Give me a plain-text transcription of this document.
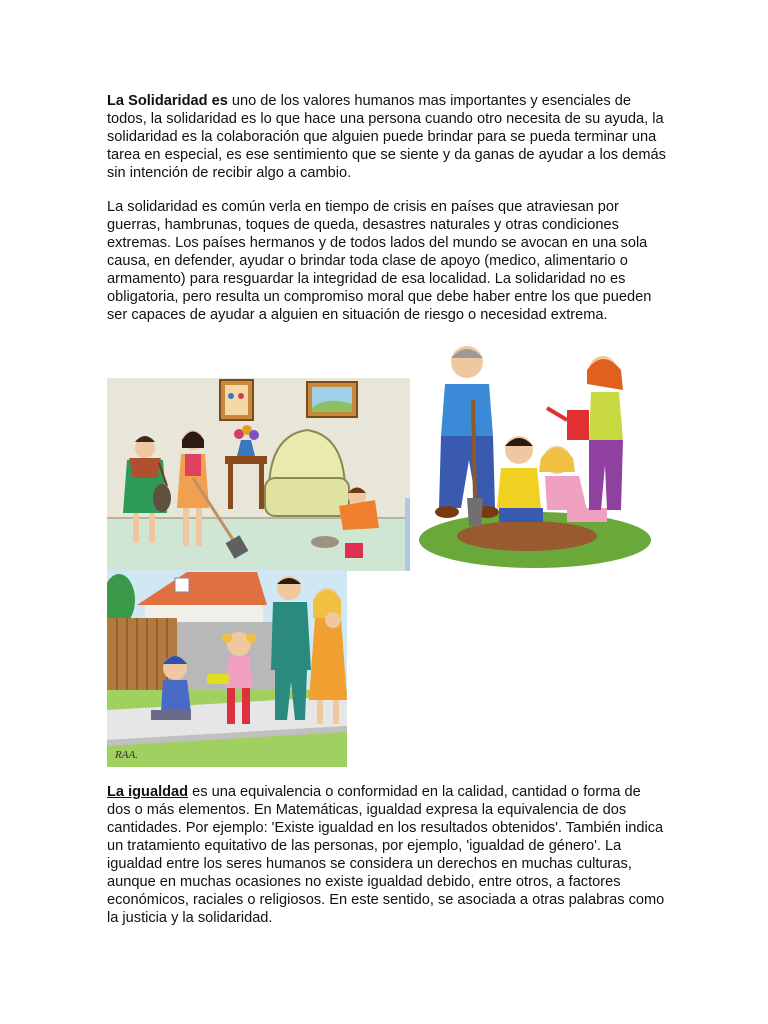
La Solidaridad es uno de los valores humanos mas importantes y esenciales de todos, la solidaridad es lo que hace una persona cuando otro necesita de su ayuda, la solidaridad es la colaboración que alguien puede brindar para se pueda terminar una tarea en especial, es ese sentimiento que se siente y da ganas de ayudar a los demás sin intención de recibir algo a cambio.

La solidaridad es común verla en tiempo de crisis en países que atraviesan por guerras, hambrunas, toques de queda, desastres naturales y otras condiciones extremas. Los países hermanos y de todos lados del mundo se avocan en una sola causa, en defender, ayudar o brindar toda clase de apoyo (medico, alimentario o armamento) para resguardar la integridad de esa localidad. La solidaridad no es obligatoria, pero resulta un compromiso moral que debe haber entre los que pueden ser capaces de ayudar a alguien en situación de riesgo o necesidad extrema.

RAA.

La igualdad es una equivalencia o conformidad en la calidad, cantidad o forma de dos o más elementos. En Matemáticas, igualdad expresa la equivalencia de dos cantidades. Por ejemplo: 'Existe igualdad en los resultados obtenidos'. También indica un tratamiento equitativo de las personas, por ejemplo, 'igualdad de género'. La igualdad entre los seres humanos se considera un derechos en muchas culturas, aunque en muchas ocasiones no existe igualdad debido, entre otros, a factores económicos, raciales o religiosos. En este sentido, se asociada a otras palabras como la justicia y la solidaridad.
